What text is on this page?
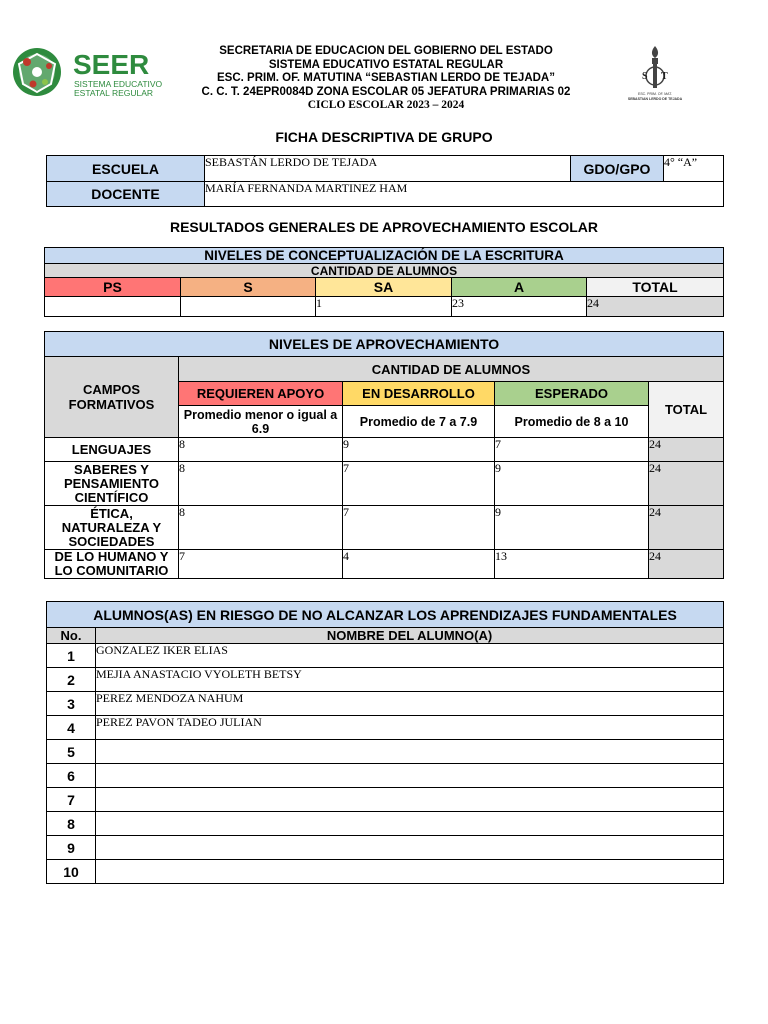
SEER
SISTEMA EDUCATIVO
ESTATAL REGULAR
SECRETARIA DE EDUCACION DEL GOBIERNO DEL ESTADO
SISTEMA EDUCATIVO ESTATAL REGULAR
ESC. PRIM. OF. MATUTINA “SEBASTIAN LERDO DE TEJADA”
C. C. T. 24EPR0084D ZONA ESCOLAR 05 JEFATURA PRIMARIAS 02
CICLO ESCOLAR 2023 – 2024
S T
ESC. PRIM. OF. MAT.
SEBASTIAN LERDO DE TEJADA
FICHA DESCRIPTIVA DE GRUPO
ESCUELA	SEBASTÁN LERDO DE TEJADA	GDO/GPO	4° “A”
DOCENTE	MARÍA FERNANDA MARTINEZ HAM		
RESULTADOS GENERALES DE APROVECHAMIENTO ESCOLAR
NIVELES DE CONCEPTUALIZACIÓN DE LA ESCRITURA				
CANTIDAD DE ALUMNOS				
PS	S	SA	A	TOTAL
		1	23	24
NIVELES DE APROVECHAMIENTO				
CAMPOS FORMATIVOS	CANTIDAD DE ALUMNOS			
	REQUIEREN APOYO	EN DESARROLLO	ESPERADO	TOTAL
	Promedio menor o igual a 6.9	Promedio de 7 a 7.9	Promedio de 8 a 10	
LENGUAJES	8	9	7	24
SABERES Y PENSAMIENTO CIENTÍFICO	8	7	9	24
ÉTICA, NATURALEZA Y SOCIEDADES	8	7	9	24
DE LO HUMANO Y LO COMUNITARIO	7	4	13	24
ALUMNOS(AS) EN RIESGO DE NO ALCANZAR LOS APRENDIZAJES FUNDAMENTALES	
No.	NOMBRE DEL ALUMNO(A)
1	GONZALEZ IKER ELIAS
2	MEJIA ANASTACIO VYOLETH BETSY
3	PEREZ MENDOZA NAHUM
4	PEREZ PAVON TADEO JULIAN
5	
6	
7	
8	
9	
10	
